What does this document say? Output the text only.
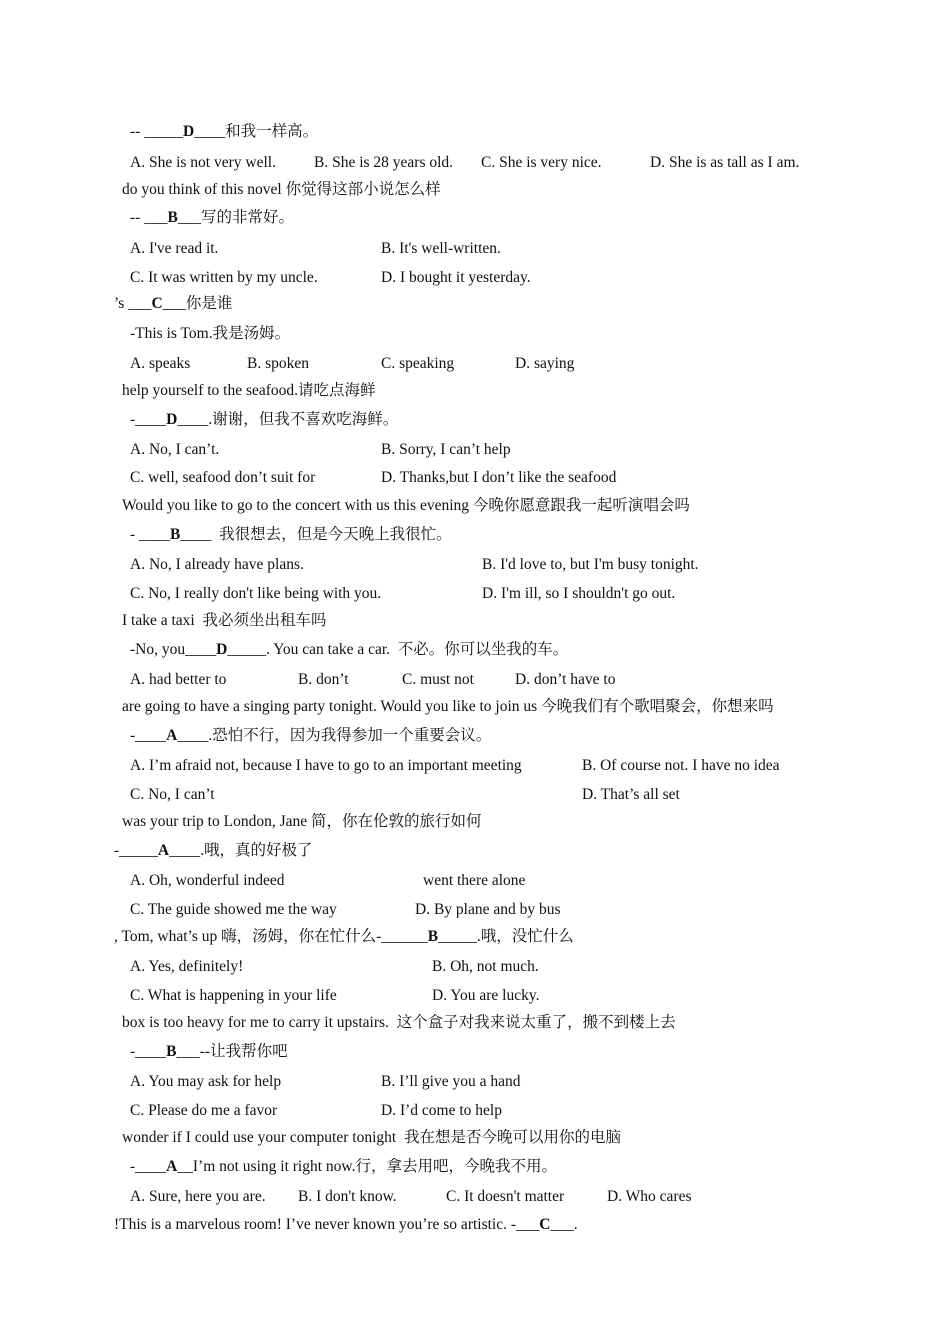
-- _____D____和我一样高。
A. She is not very well. B. She is 28 years old. C. She is very nice.	D. She is as tall as I am.
do you think of this novel 你觉得这部小说怎么样
-- ___B___写的非常好。
A. I've read it.	B. It's well-written.
C. It was written by my uncle.	D. I bought it yesterday.
’s ___C___你是谁
-This is Tom.我是汤姆。
A. speaks	B. spoken	C. speaking	D. saying
help yourself to the seafood.请吃点海鲜
-____D____.谢谢，但我不喜欢吃海鲜。
A. No, I can’t.	B. Sorry, I can’t help
C. well, seafood don’t suit for	D. Thanks,but I don’t like the seafood
Would you like to go to the concert with us this evening 今晚你愿意跟我一起听演唱会吗
- ____B____  我很想去，但是今天晚上我很忙。
A. No, I already have plans.	B. I'd love to, but I'm busy tonight.
C. No, I really don't like being with you.	D. I'm ill, so I shouldn't go out.
I take a taxi  我必须坐出租车吗
-No, you____D_____. You can take a car.  不必。你可以坐我的车。
A. had better to	B. don’t	C. must not	D. don’t have to
are going to have a singing party tonight. Would you like to join us 今晚我们有个歌唱聚会，你想来吗
-____A____.恐怕不行，因为我得参加一个重要会议。
A. I’m afraid not, because I have to go to an important meeting	B. Of course not. I have no idea
C. No, I can’t	D. That’s all set
was your trip to London, Jane 简，你在伦敦的旅行如何
-_____A____.哦，真的好极了
A. Oh, wonderful indeed	went there alone
C. The guide showed me the way	D. By plane and by bus
, Tom, what’s up 嗨，汤姆，你在忙什么-______B_____.哦，没忙什么
A. Yes, definitely!	B. Oh, not much.
C. What is happening in your life	D. You are lucky.
box is too heavy for me to carry it upstairs.  这个盒子对我来说太重了，搬不到楼上去
-____B___--让我帮你吧
A. You may ask for help	B. I’ll give you a hand
C. Please do me a favor	D. I’d come to help
wonder if I could use your computer tonight  我在想是否今晚可以用你的电脑
-____A__I’m not using it right now.行，拿去用吧，今晚我不用。
A. Sure, here you are. B. I don't know.	C. It doesn't matter	D. Who cares
!This is a marvelous room! I’ve never known you’re so artistic. -___C___.
